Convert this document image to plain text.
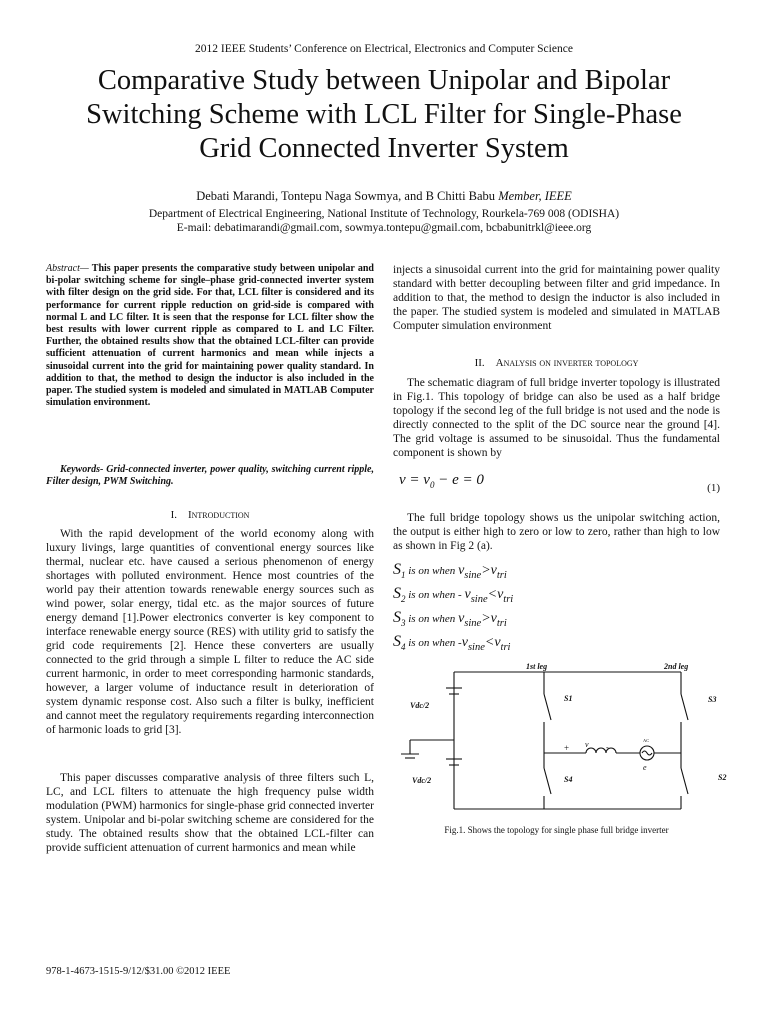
2012 IEEE Students’ Conference on Electrical, Electronics and Computer Science
Comparative Study between Unipolar and Bipolar
Switching Scheme with LCL Filter for Single-Phase
Grid Connected Inverter System
Debati Marandi, Tontepu Naga Sowmya, and B Chitti Babu Member, IEEE
Department of Electrical Engineering, National Institute of Technology, Rourkela-769 008 (ODISHA)
E-mail: debatimarandi@gmail.com, sowmya.tontepu@gmail.com, bcbabunitrkl@ieee.org
Abstract— This paper presents the comparative study between unipolar and bi-polar switching scheme for single–phase grid-connected inverter system with filter design on the grid side. For that, LCL filter is considered and its performance for current ripple reduction on grid-side is compared with normal L and LC filter. It is seen that the response for LCL filter show the best results with lower current ripple as compared to L and LC Filter. Further, the obtained results show that the obtained LCL-filter can provide sufficient attenuation of current harmonics and mean while injects a sinusoidal current into the grid for maintaining power quality standard. In addition to that, the method to design the inductor is also included in the paper. The studied system is modeled and simulated in MATLAB Computer simulation environment.
Keywords- Grid-connected inverter, power quality, switching current ripple, Filter design, PWM Switching.
I. Introduction
With the rapid development of the world economy along with luxury livings, large quantities of conventional energy sources like thermal, nuclear etc. have caused a serious phenomenon of energy shortages with polluted environment. Hence most countries of the world pay their attention towards renewable energy sources such as wind power, solar energy, tidal etc. as the major sources of future energy demand [1].Power electronics converter is key component to interface renewable energy source (RES) with utility grid to satisfy the grid code requirements [2]. Hence these converters are usually connected to the grid through a simple L filter to reduce the AC side current harmonic, in order to meet corresponding harmonic standards, however, a larger volume of inductance result in deterioration of system dynamic response cost. Also such a filter is bulky, inefficient and cannot meet the regulatory requirements regarding interconnection of harmonic loads to grid [3].
This paper discusses comparative analysis of three filters such L, LC, and LCL filters to attenuate the high frequency pulse width modulation (PWM) harmonics for single-phase grid connected inverter system. Unipolar and bi-polar switching scheme are considered for the study. The obtained results show that the obtained LCL-filter can provide sufficient attenuation of current harmonics and mean while
injects a sinusoidal current into the grid for maintaining power quality standard with better decoupling between filter and grid impedance. In addition to that, the method to design the inductor is also included in the paper. The studied system is modeled and simulated in MATLAB Computer simulation environment
II. Analysis on inverter topology
The schematic diagram of full bridge inverter topology is illustrated in Fig.1. This topology of bridge can also be used as a half bridge topology if the second leg of the full bridge is not used and the node is directly connected to the split of the DC source near the ground [4]. The grid voltage is assumed to be sinusoidal. Thus the fundamental component is shown by
$v = v_0 - e = 0$	(1)
The full bridge topology shows us the unipolar switching action, the output is either high to zero or low to zero, rather than high to low as shown in Fig 2 (a).
$S_1$ is on when $v_{sine}>v_{tri}$
$S_2$ is on when - $v_{sine}<v_{tri}$
$S_3$ is on when $v_{sine}>v_{tri}$
$S_4$ is on when $-v_{sine}<v_{tri}$
1st leg	2nd leg
Vdc/2
Vdc/2
S1
S4
S3
S2
+ v -
e
AC
Fig.1. Shows the topology for single phase full bridge inverter
978-1-4673-1515-9/12/$31.00 ©2012 IEEE
